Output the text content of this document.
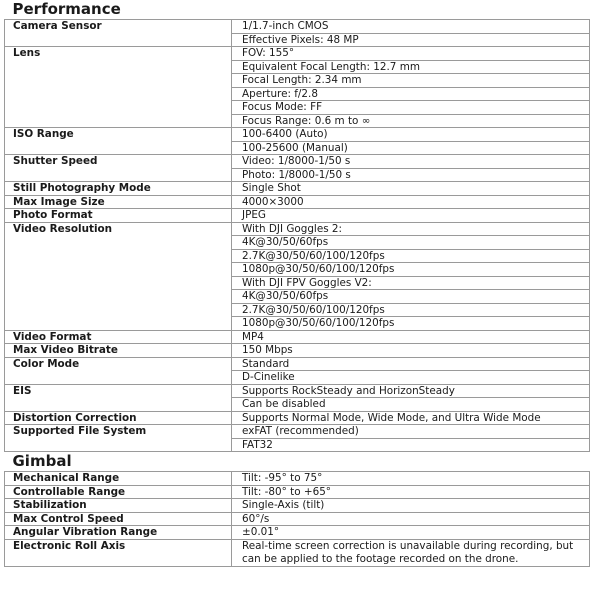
Performance	
Camera Sensor	1/1.7-inch CMOS
	Effective Pixels: 48 MP
Lens	FOV: 155°
	Equivalent Focal Length: 12.7 mm
	Focal Length: 2.34 mm
	Aperture: f/2.8
	Focus Mode: FF
	Focus Range: 0.6 m to ∞
ISO Range	100-6400 (Auto)
	100-25600 (Manual)
Shutter Speed	Video: 1/8000-1/50 s
	Photo: 1/8000-1/50 s
Still Photography Mode	Single Shot
Max Image Size	4000×3000
Photo Format	JPEG
Video Resolution	With DJI Goggles 2:
	4K@30/50/60fps
	2.7K@30/50/60/100/120fps
	1080p@30/50/60/100/120fps
	With DJI FPV Goggles V2:
	4K@30/50/60fps
	2.7K@30/50/60/100/120fps
	1080p@30/50/60/100/120fps
Video Format	MP4
Max Video Bitrate	150 Mbps
Color Mode	Standard
	D-Cinelike
EIS	Supports RockSteady and HorizonSteady
	Can be disabled
Distortion Correction	Supports Normal Mode, Wide Mode, and Ultra Wide Mode
Supported File System	exFAT (recommended)
	FAT32
Gimbal	
Mechanical Range	Tilt: -95° to 75°
Controllable Range	Tilt: -80° to +65°
Stabilization	Single-Axis (tilt)
Max Control Speed	60°/s
Angular Vibration Range	±0.01°
Electronic Roll Axis	Real-time screen correction is unavailable during recording, but can be applied to the footage recorded on the drone.
